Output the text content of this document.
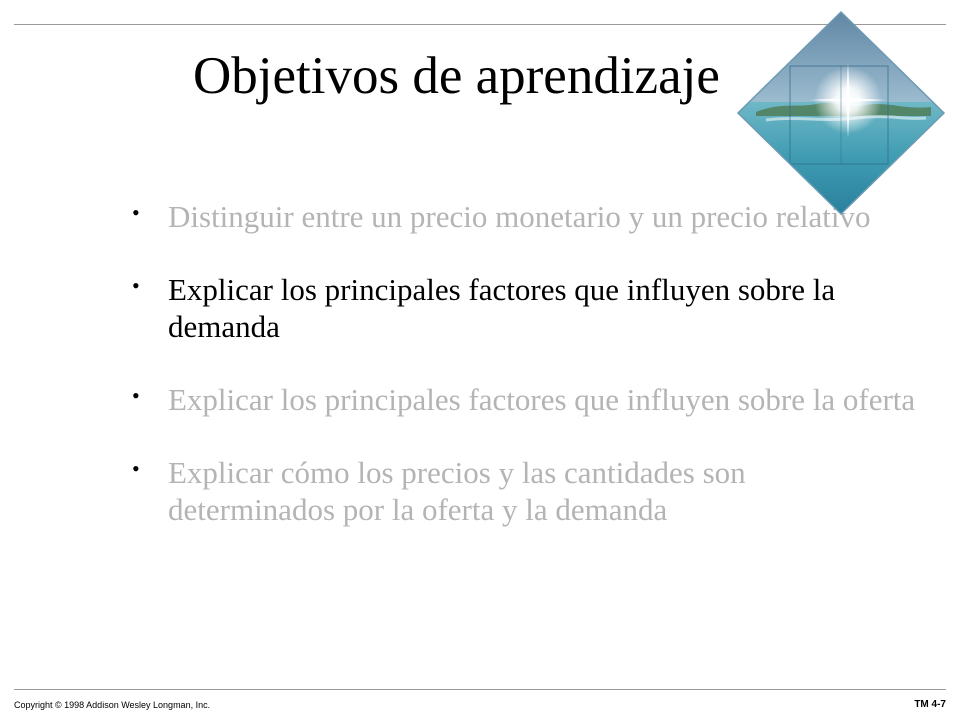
Objetivos de aprendizaje
• Distinguir entre un precio monetario y un precio relativo
• Explicar los principales factores que influyen sobre la demanda
• Explicar los principales factores que influyen sobre la oferta
• Explicar cómo los precios y las cantidades son determinados por la oferta y la demanda
Copyright © 1998 Addison Wesley Longman, Inc.	TM 4-7
